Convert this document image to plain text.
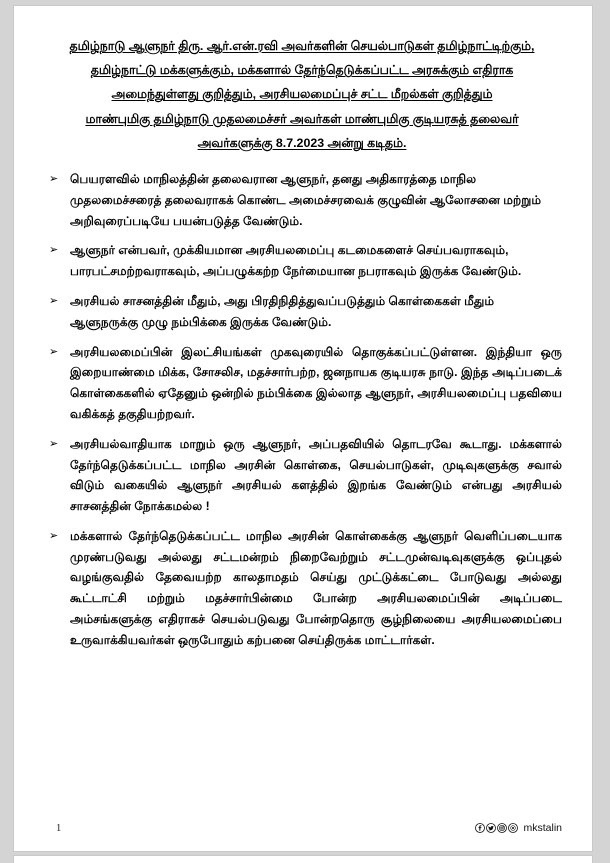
தமிழ்நாடு ஆளுநர் திரு. ஆர்.என்.ரவி அவர்களின் செயல்பாடுகள் தமிழ்நாட்டிற்கும்,
தமிழ்நாட்டு மக்களுக்கும், மக்களால் தேர்ந்தெடுக்கப்பட்ட அரசுக்கும் எதிராக
அமைந்துள்ளது குறித்தும், அரசியலமைப்புச் சட்ட மீறல்கள் குறித்தும்
மாண்புமிகு தமிழ்நாடு முதலமைச்சர் அவர்கள் மாண்புமிகு குடியரசுத் தலைவர்
அவர்களுக்கு 8.7.2023 அன்று கடிதம்.
➢ பெயரளவில் மாநிலத்தின் தலைவரான ஆளுநர், தனது அதிகாரத்தை மாநில முதலமைச்சரைத் தலைவராகக் கொண்ட அமைச்சரவைக் குழுவின் ஆலோசனை மற்றும் அறிவுரைப்படியே பயன்படுத்த வேண்டும்.
➢ ஆளுநர் என்பவர், முக்கியமான அரசியலமைப்பு கடமைகளைச் செய்பவராகவும், பாரபட்சமற்றவராகவும், அப்பழுக்கற்ற நேர்மையான நபராகவும் இருக்க வேண்டும்.
➢ அரசியல் சாசனத்தின் மீதும், அது பிரதிநிதித்துவப்படுத்தும் கொள்கைகள் மீதும் ஆளுநருக்கு முழு நம்பிக்கை இருக்க வேண்டும்.
➢ அரசியலமைப்பின் இலட்சியங்கள் முகவுரையில் தொகுக்கப்பட்டுள்ளன. இந்தியா ஒரு இறையாண்மை மிக்க, சோசலிச, மதச்சார்பற்ற, ஜனநாயக குடியரசு நாடு. இந்த அடிப்படைக் கொள்கைகளில் ஏதேனும் ஒன்றில் நம்பிக்கை இல்லாத ஆளுநர், அரசியலமைப்பு பதவியை வகிக்கத் தகுதியற்றவர்.
➢ அரசியல்வாதியாக மாறும் ஒரு ஆளுநர், அப்பதவியில் தொடரவே கூடாது. மக்களால் தேர்ந்தெடுக்கப்பட்ட மாநில அரசின் கொள்கை, செயல்பாடுகள், முடிவுகளுக்கு சவால் விடும் வகையில் ஆளுநர் அரசியல் களத்தில் இறங்க வேண்டும் என்பது அரசியல் சாசனத்தின் நோக்கமல்ல !
➢ மக்களால் தேர்ந்தெடுக்கப்பட்ட மாநில அரசின் கொள்கைக்கு ஆளுநர் வெளிப்படையாக முரண்படுவது அல்லது சட்டமன்றம் நிறைவேற்றும் சட்டமுன்வடிவுகளுக்கு ஒப்புதல் வழங்குவதில் தேவையற்ற காலதாமதம் செய்து முட்டுக்கட்டை போடுவது அல்லது கூட்டாட்சி மற்றும் மதச்சார்பின்மை போன்ற அரசியலமைப்பின் அடிப்படை அம்சங்களுக்கு எதிராகச் செயல்படுவது போன்றதொரு சூழ்நிலையை அரசியலமைப்பை உருவாக்கியவர்கள் ஒருபோதும் கற்பனை செய்திருக்க மாட்டார்கள்.
1	mkstalin
